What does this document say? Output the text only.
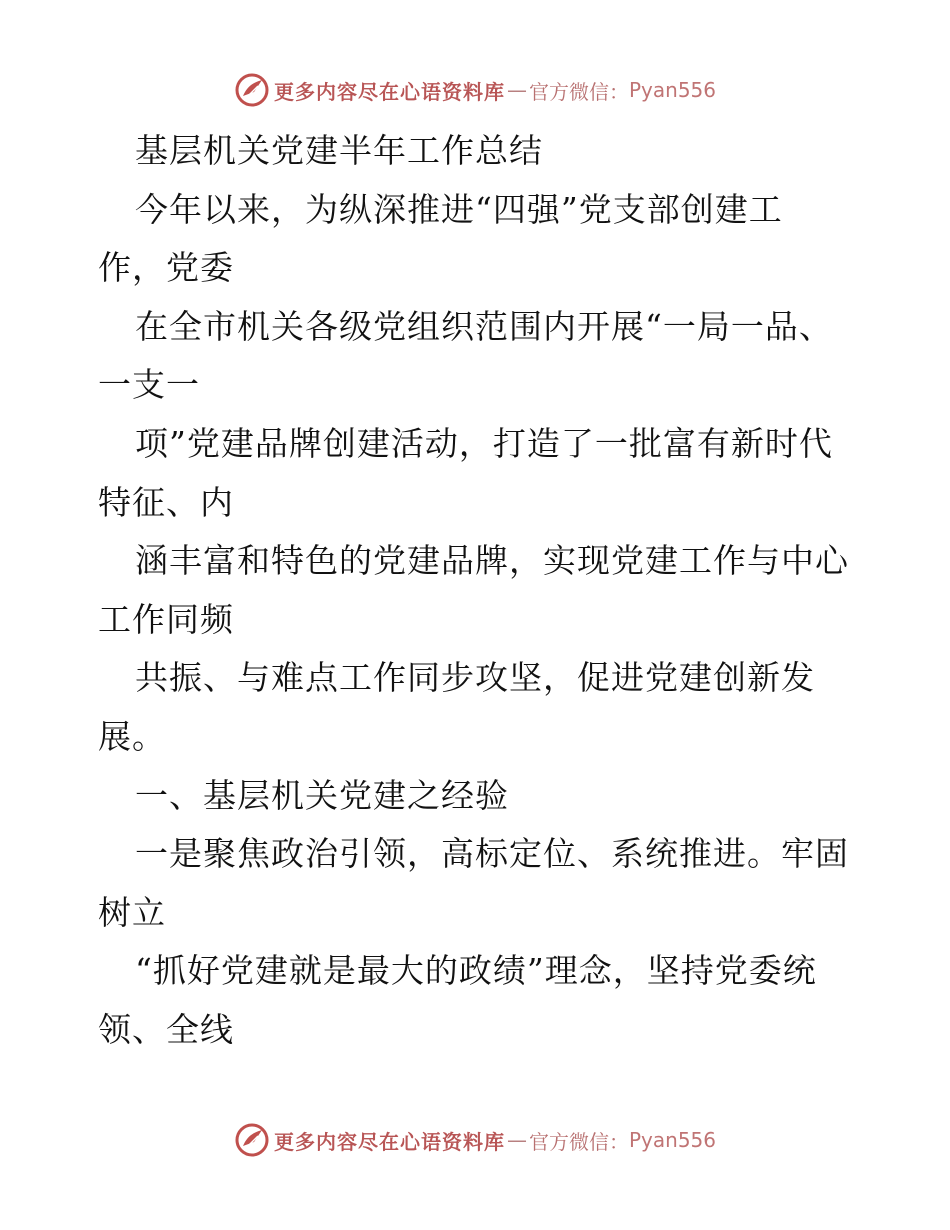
更多内容尽在心语资料库 — 官方微信： Pyan556
基层机关党建半年工作总结
今年以来，为纵深推进“四强”党支部创建工
作，党委
在全市机关各级党组织范围内开展“一局一品、
一支一
项”党建品牌创建活动，打造了一批富有新时代
特征、内
涵丰富和特色的党建品牌，实现党建工作与中心
工作同频
共振、与难点工作同步攻坚，促进党建创新发
展。
一、基层机关党建之经验
一是聚焦政治引领，高标定位、系统推进。牢固
树立
“抓好党建就是最大的政绩”理念，坚持党委统
领、全线
更多内容尽在心语资料库 — 官方微信： Pyan556
